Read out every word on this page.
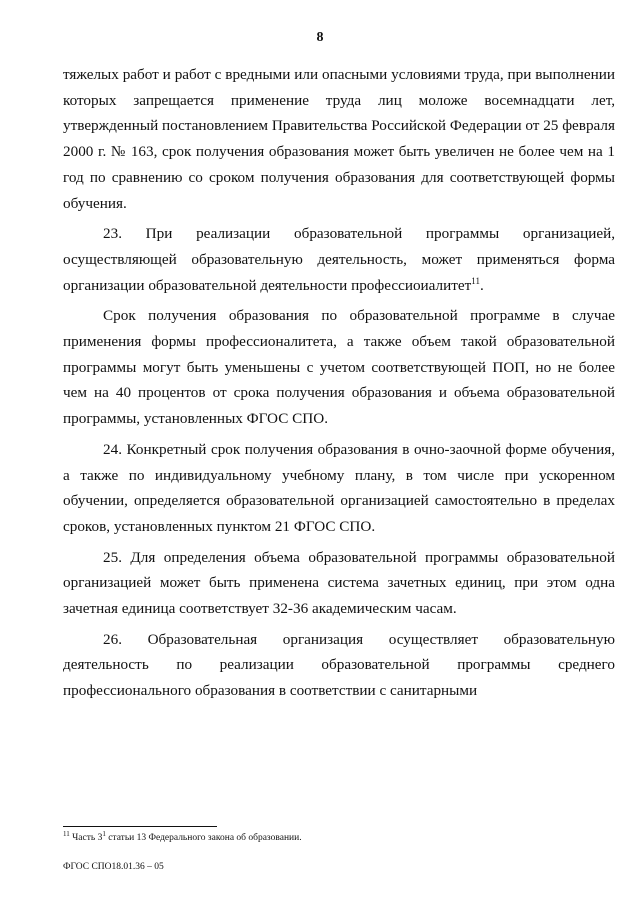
8

тяжелых работ и работ с вредными или опасными условиями труда, при выполнении которых запрещается применение труда лиц моложе восемнадцати лет, утвержденный постановлением Правительства Российской Федерации от 25 февраля 2000 г. № 163, срок получения образования может быть увеличен не более чем на 1 год по сравнению со сроком получения образования для соответствующей формы обучения.

23. При реализации образовательной программы организацией, осуществляющей образовательную деятельность, может применяться форма организации образовательной деятельности профессиоиалитет$^{11}$.

Срок получения образования по образовательной программе в случае применения формы профессионалитета, а также объем такой образовательной программы могут быть уменьшены с учетом соответствующей ПОП, но не более чем на 40 процентов от срока получения образования и объема образовательной программы, установленных ФГОС СПО.

24. Конкретный срок получения образования в очно-заочной форме обучения, а также по индивидуальному учебному плану, в том числе при ускоренном обучении, определяется образовательной организацией самостоятельно в пределах сроков, установленных пунктом 21 ФГОС СПО.

25. Для определения объема образовательной программы образовательной организацией может быть применена система зачетных единиц, при этом одна зачетная единица соответствует 32-36 академическим часам.

26. Образовательная организация осуществляет образовательную деятельность по реализации образовательной программы среднего профессионального образования в соответствии с санитарными

$^{11}$ Часть $3^1$ статьи 13 Федерального закона об образовании.
ФГОС СПО18.01.36 – 05
